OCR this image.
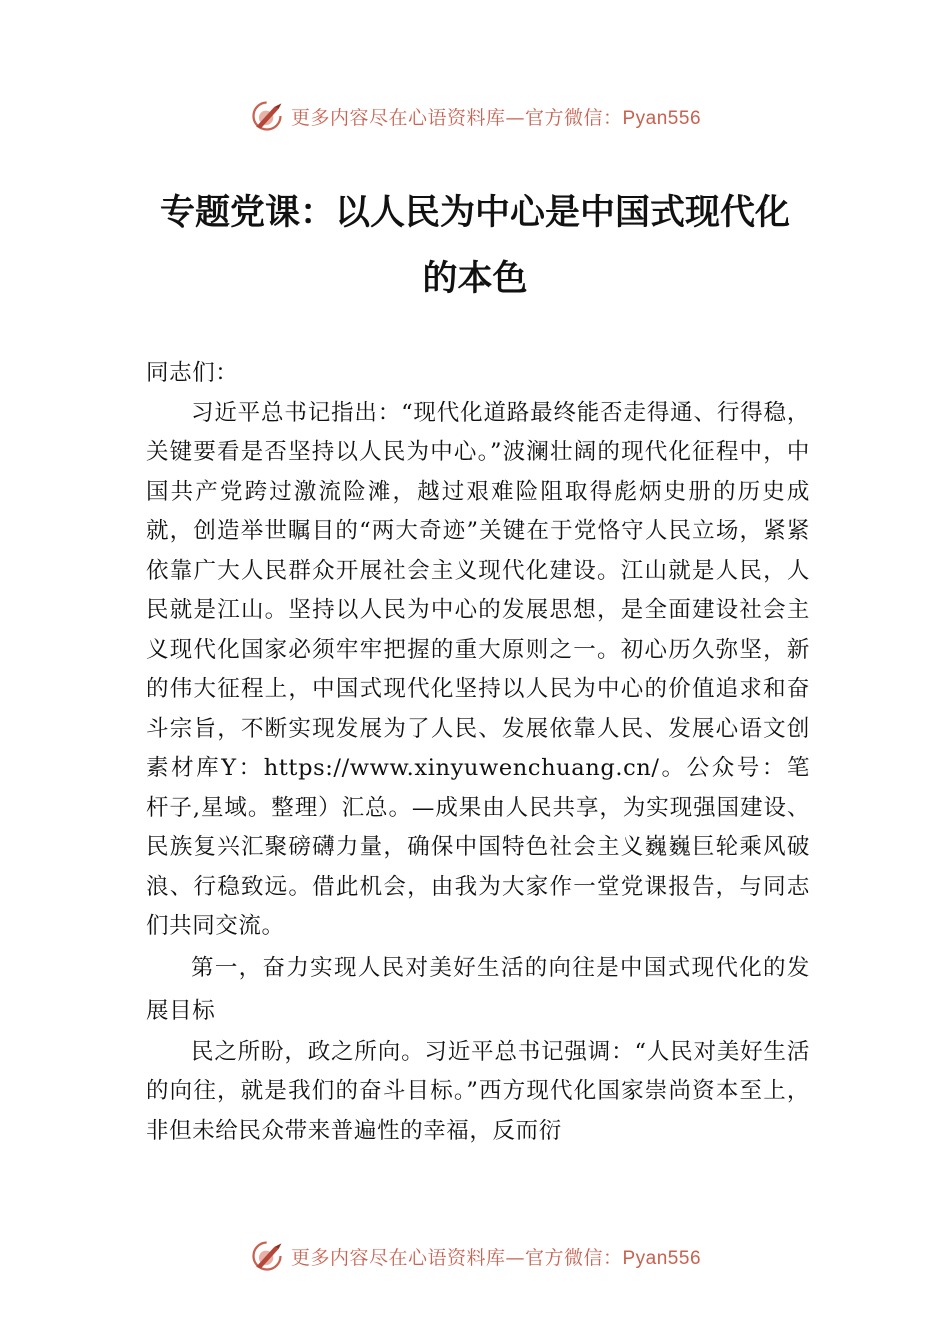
更多内容尽在心语资料库—官方微信：Pyan556
专题党课：以人民为中心是中国式现代化
的本色

同志们：

习近平总书记指出：“现代化道路最终能否走得通、行得稳，关键要看是否坚持以人民为中心。”波澜壮阔的现代化征程中，中国共产党跨过激流险滩，越过艰难险阻取得彪炳史册的历史成就，创造举世瞩目的“两大奇迹”关键在于党恪守人民立场，紧紧依靠广大人民群众开展社会主义现代化建设。江山就是人民，人民就是江山。坚持以人民为中心的发展思想，是全面建设社会主义现代化国家必须牢牢把握的重大原则之一。初心历久弥坚，新的伟大征程上，中国式现代化坚持以人民为中心的价值追求和奋斗宗旨，不断实现发展为了人民、发展依靠人民、发展心语文创素材库Y：https://www.xinyuwenchuang.cn/。公众号：笔杆子,星域。整理）汇总。—成果由人民共享，为实现强国建设、民族复兴汇聚磅礴力量，确保中国特色社会主义巍巍巨轮乘风破浪、行稳致远。借此机会，由我为大家作一堂党课报告，与同志们共同交流。

第一，奋力实现人民对美好生活的向往是中国式现代化的发展目标

民之所盼，政之所向。习近平总书记强调：“人民对美好生活的向往，就是我们的奋斗目标。”西方现代化国家崇尚资本至上，非但未给民众带来普遍性的幸福，反而衍

更多内容尽在心语资料库—官方微信：Pyan556
